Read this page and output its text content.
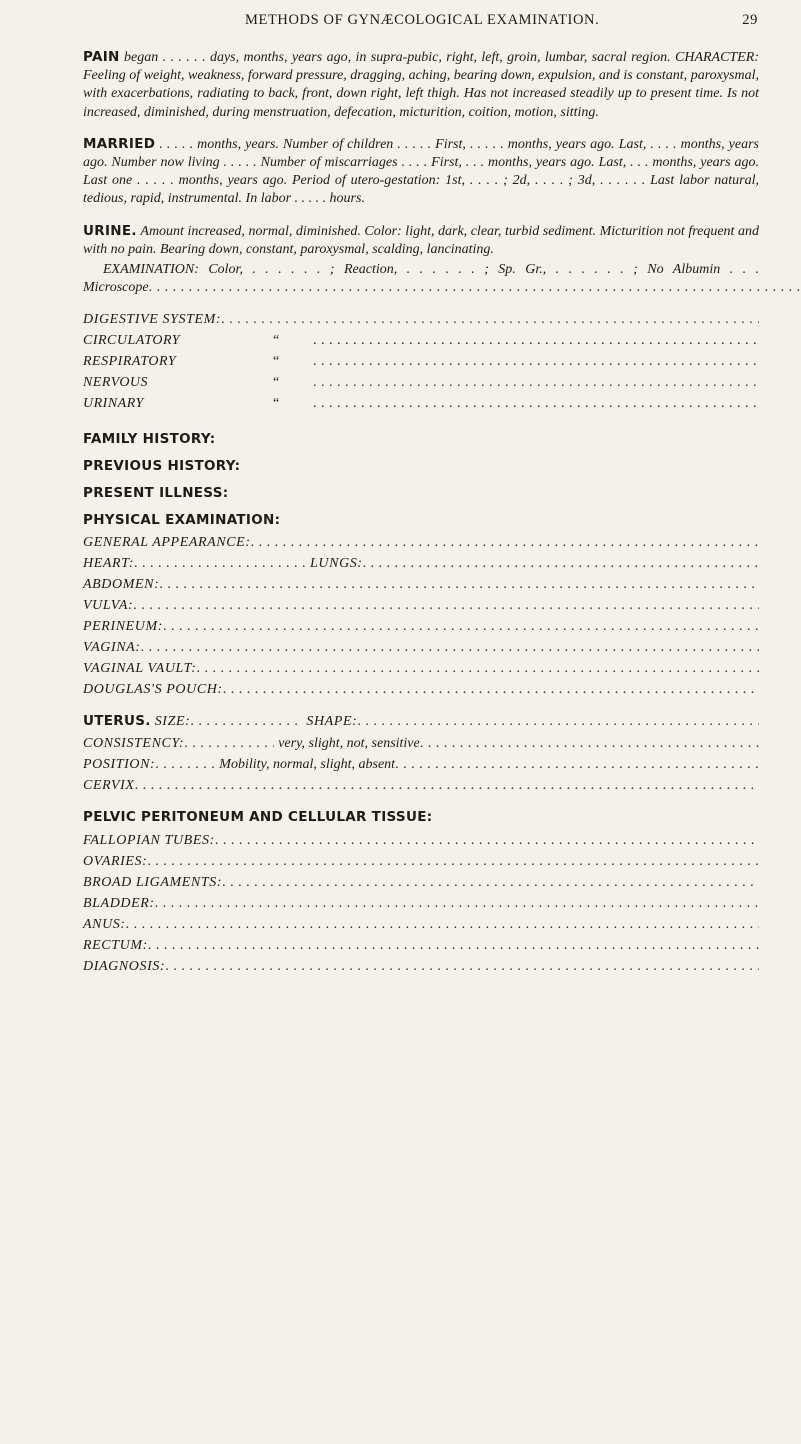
METHODS OF GYNÆCOLOGICAL EXAMINATION.	29

PAIN began . . . . . . days, months, years ago, in supra-pubic, right, left, groin, lumbar, sacral region. CHARACTER: Feeling of weight, weakness, forward pressure, dragging, aching, bearing down, expulsion, and is constant, paroxysmal, with exacerbations, radiating to back, front, down right, left thigh. Has not increased steadily up to present time. Is not increased, diminished, during menstruation, defecation, micturition, coition, motion, sitting.

MARRIED . . . . . months, years. Number of children . . . . . First, . . . . . months, years ago. Last, . . . . months, years ago. Number now living . . . . . Number of miscarriages . . . . First, . . . months, years ago. Last, . . . months, years ago. Last one . . . . . months, years ago. Period of utero-gestation: 1st, . . . . ; 2d, . . . . ; 3d, . . . . . . Last labor natural, tedious, rapid, instrumental. In labor . . . . . hours.

URINE. Amount increased, normal, diminished. Color: light, dark, clear, turbid sediment. Micturition not frequent and with no pain. Bearing down, constant, paroxysmal, scalding, lancinating.

EXAMINATION: Color, . . . . . . ; Reaction, . . . . . . ; Sp. Gr., . . . . . . ; No Albumin . . . Microscope . . .

DIGESTIVE SYSTEM:
. . .
CIRCULATORY	“
. . .
RESPIRATORY	“
. . .
NERVOUS	“
. . .
URINARY	“
. . .
FAMILY HISTORY:
PREVIOUS HISTORY:
PRESENT ILLNESS:
PHYSICAL EXAMINATION:
GENERAL APPEARANCE:
. . .
HEART: . . .	LUNGS:
. . .
ABDOMEN:
. . .
VULVA:
. . .
PERINEUM:
. . .
VAGINA:
. . .
VAGINAL VAULT:
. . .
DOUGLAS'S POUCH:
. . .
UTERUS. SIZE: . . .	SHAPE:
. . .
CONSISTENCY: . . .	very, slight, not, sensitive
. . .
POSITION: . . .	Mobility, normal, slight, absent
. . .
CERVIX
. . .
PELVIC PERITONEUM AND CELLULAR TISSUE:
FALLOPIAN TUBES:
. . .
OVARIES:
. . .
BROAD LIGAMENTS:
. . .
BLADDER:
. . .
ANUS:
. . .
RECTUM:
. . .
DIAGNOSIS:
. . .
